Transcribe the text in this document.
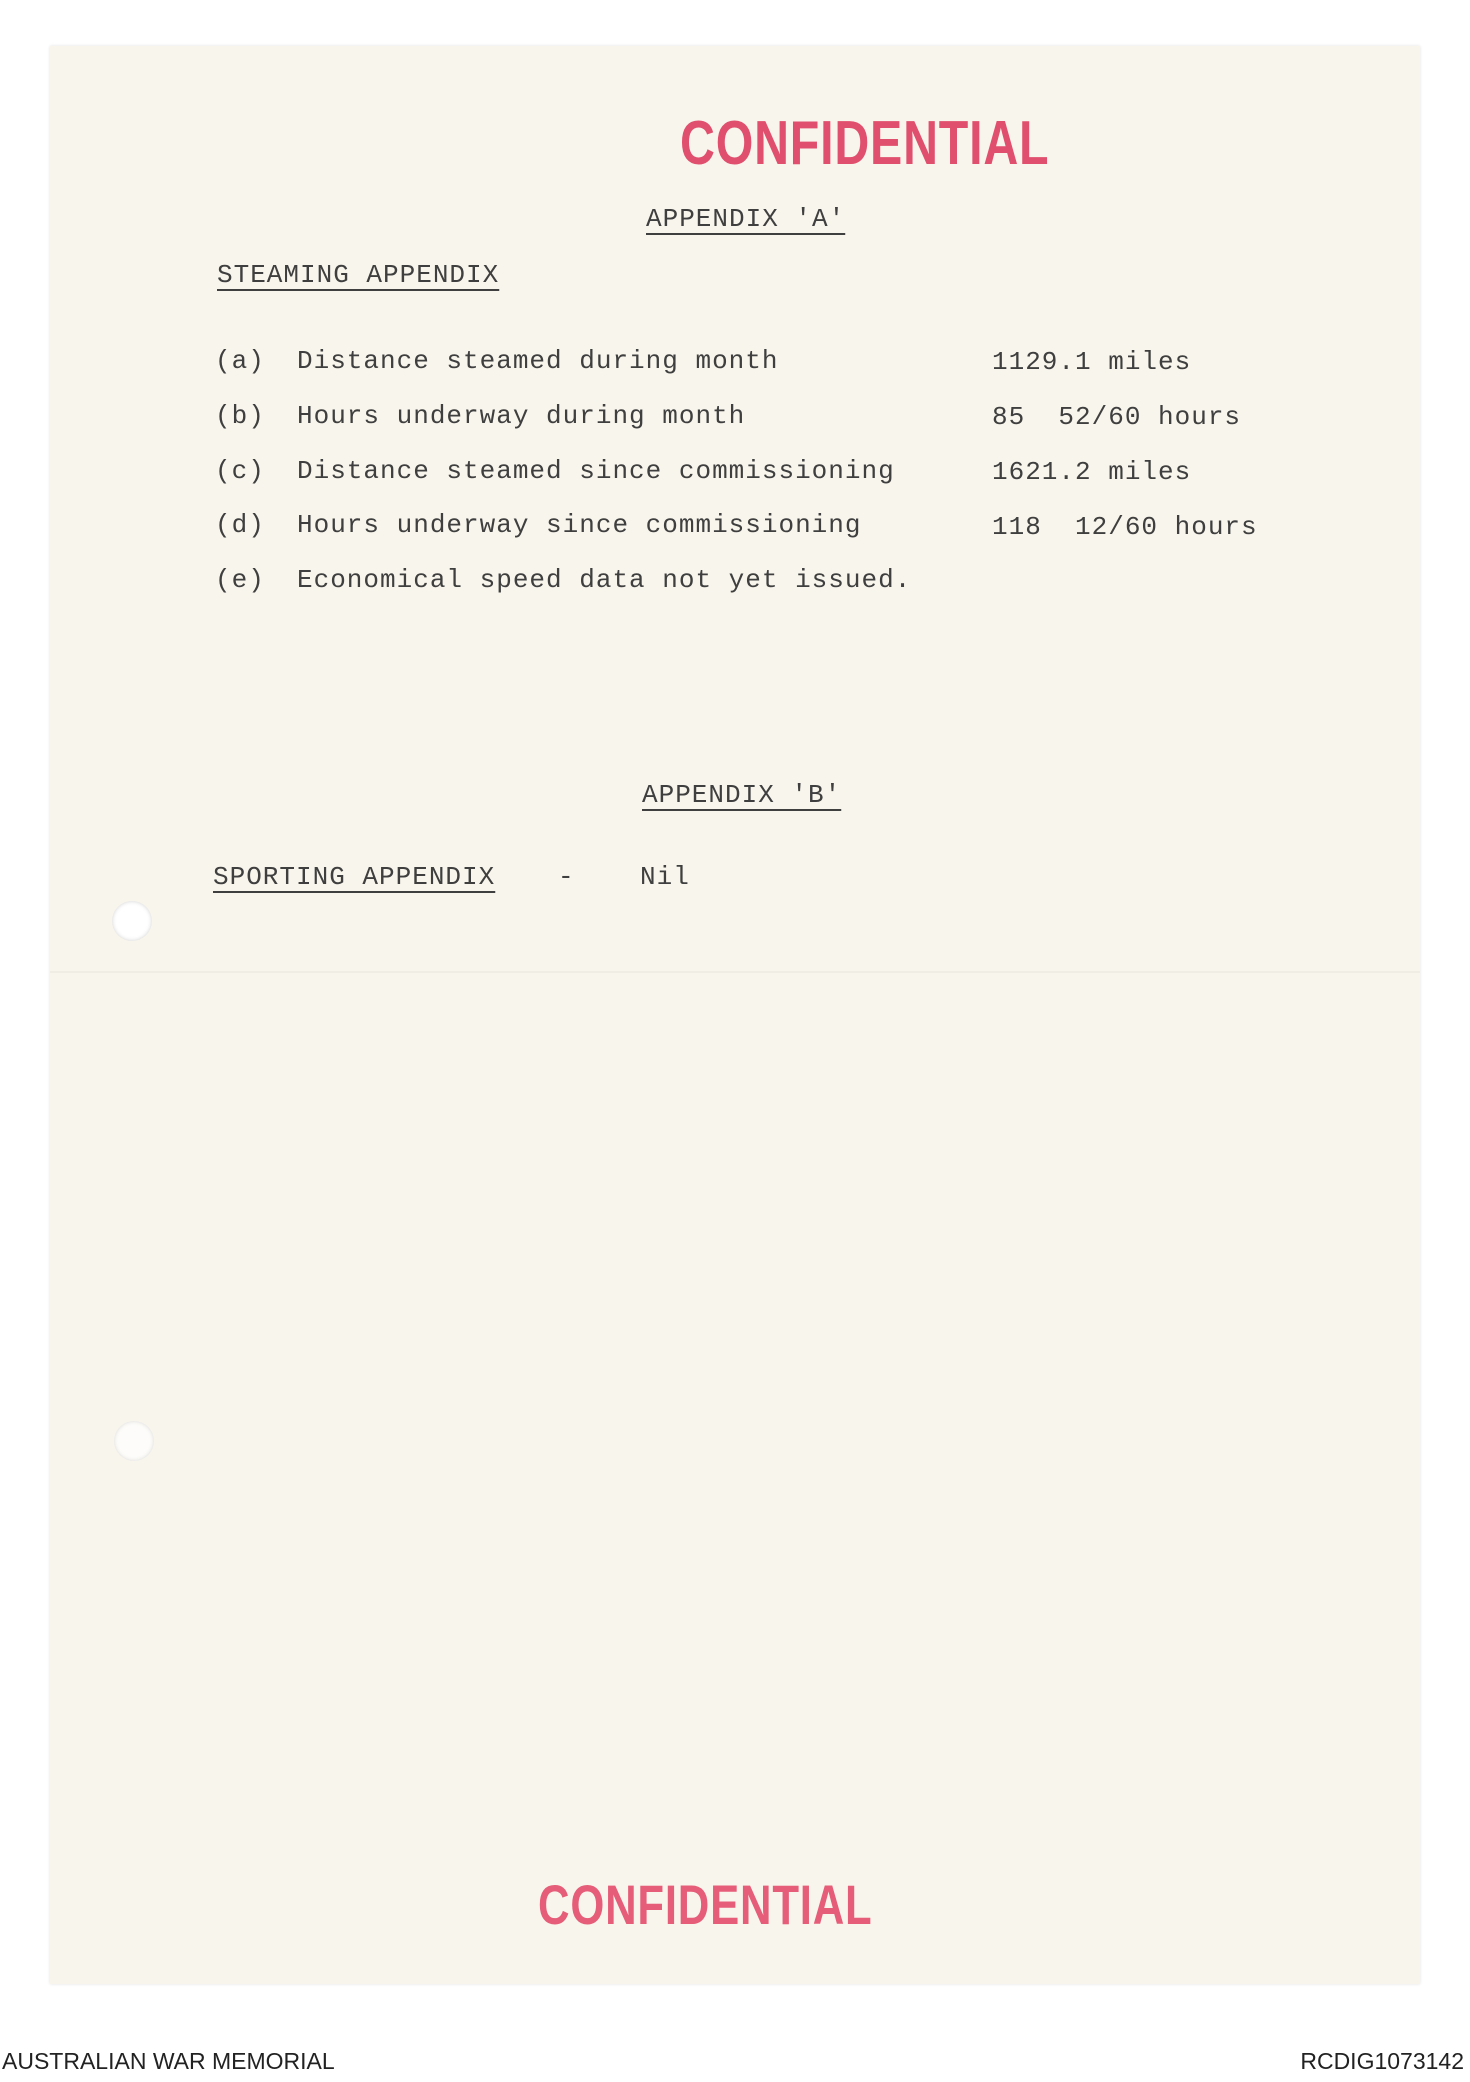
CONFIDENTIAL
APPENDIX 'A'
STEAMING APPENDIX
(a) Distance steamed during month	1129.1 miles
(b) Hours underway during month	85  52/60 hours
(c) Distance steamed since commissioning	1621.2 miles
(d) Hours underway since commissioning	118  12/60 hours
(e) Economical speed data not yet issued.
APPENDIX 'B'
SPORTING APPENDIX -	Nil
CONFIDENTIAL
AUSTRALIAN WAR MEMORIAL	RCDIG1073142
